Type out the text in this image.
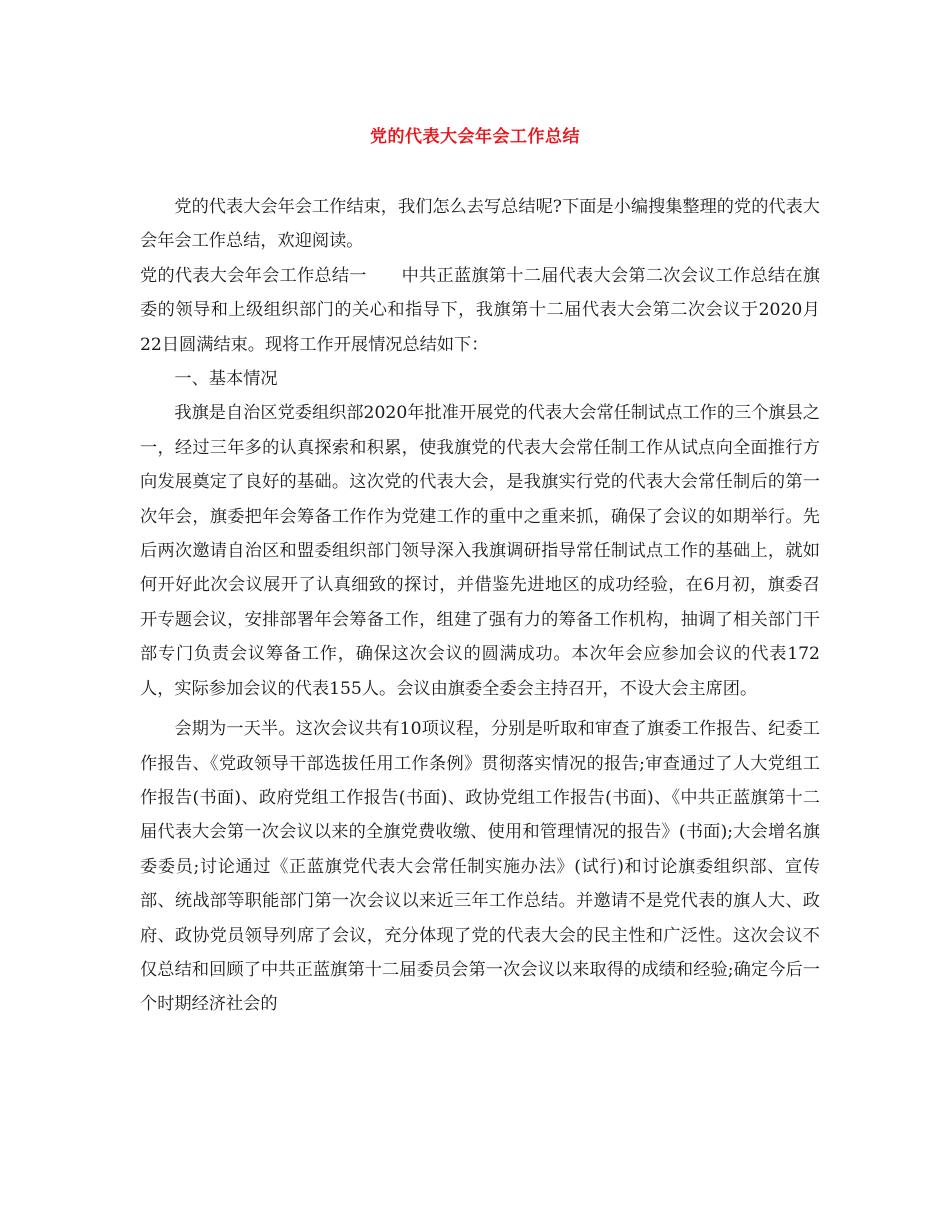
党的代表大会年会工作总结

党的代表大会年会工作结束，我们怎么去写总结呢?下面是小编搜集整理的党的代表大会年会工作总结，欢迎阅读。

党的代表大会年会工作总结一　　中共正蓝旗第十二届代表大会第二次会议工作总结在旗委的领导和上级组织部门的关心和指导下，我旗第十二届代表大会第二次会议于2020月22日圆满结束。现将工作开展情况总结如下：

一、基本情况

我旗是自治区党委组织部2020年批准开展党的代表大会常任制试点工作的三个旗县之一，经过三年多的认真探索和积累，使我旗党的代表大会常任制工作从试点向全面推行方向发展奠定了良好的基础。这次党的代表大会，是我旗实行党的代表大会常任制后的第一次年会，旗委把年会筹备工作作为党建工作的重中之重来抓，确保了会议的如期举行。先后两次邀请自治区和盟委组织部门领导深入我旗调研指导常任制试点工作的基础上，就如何开好此次会议展开了认真细致的探讨，并借鉴先进地区的成功经验，在6月初，旗委召开专题会议，安排部署年会筹备工作，组建了强有力的筹备工作机构，抽调了相关部门干部专门负责会议筹备工作，确保这次会议的圆满成功。本次年会应参加会议的代表172人，实际参加会议的代表155人。会议由旗委全委会主持召开，不设大会主席团。

会期为一天半。这次会议共有10项议程，分别是听取和审查了旗委工作报告、纪委工作报告、《党政领导干部选拔任用工作条例》贯彻落实情况的报告;审查通过了人大党组工作报告(书面)、政府党组工作报告(书面)、政协党组工作报告(书面)、《中共正蓝旗第十二届代表大会第一次会议以来的全旗党费收缴、使用和管理情况的报告》(书面);大会增名旗委委员;讨论通过《正蓝旗党代表大会常任制实施办法》(试行)和讨论旗委组织部、宣传部、统战部等职能部门第一次会议以来近三年工作总结。并邀请不是党代表的旗人大、政府、政协党员领导列席了会议，充分体现了党的代表大会的民主性和广泛性。这次会议不仅总结和回顾了中共正蓝旗第十二届委员会第一次会议以来取得的成绩和经验;确定今后一个时期经济社会的
